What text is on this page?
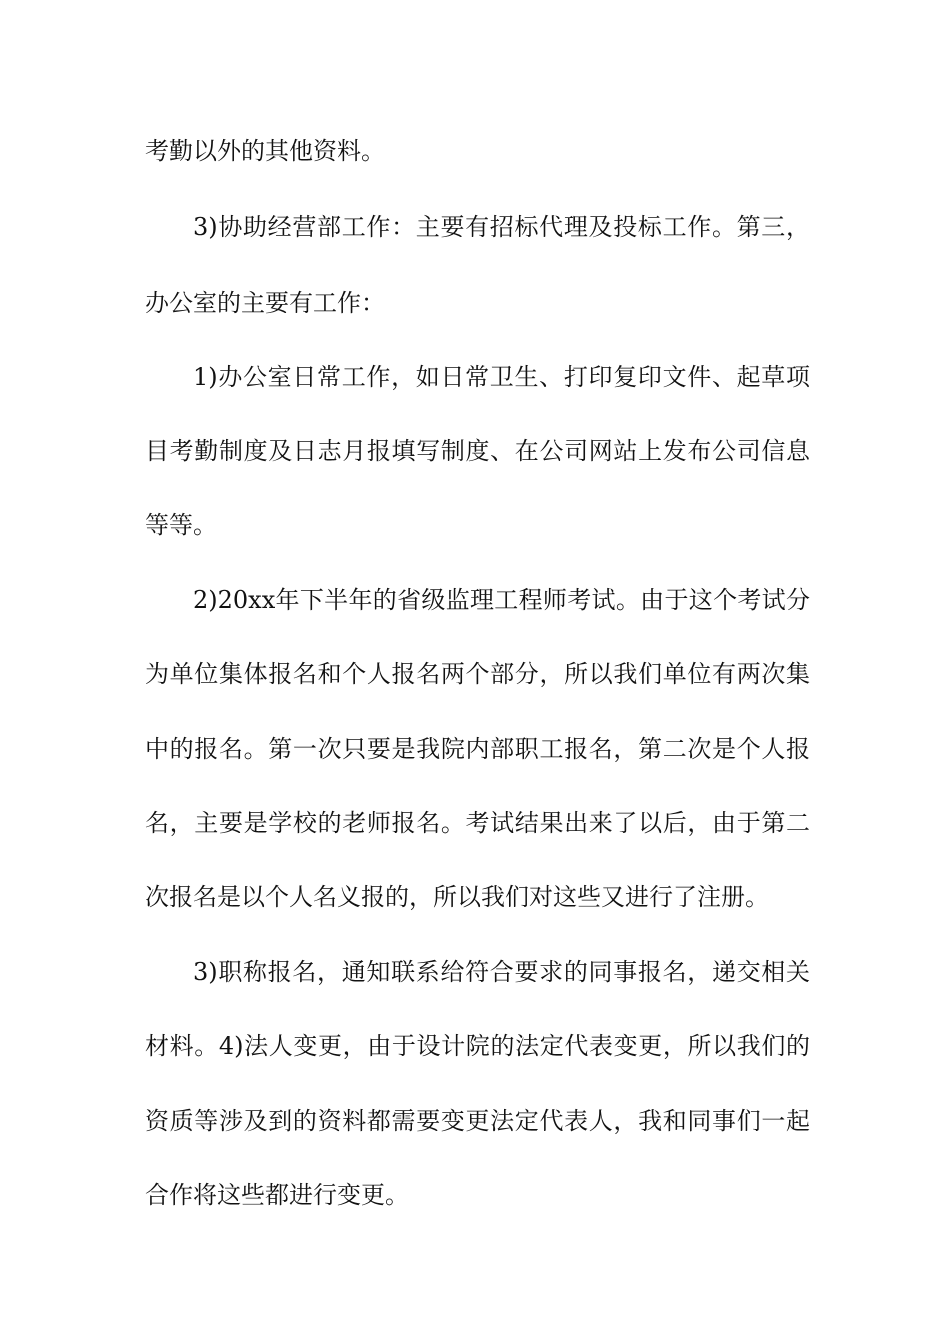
考勤以外的其他资料。
3)协助经营部工作：主要有招标代理及投标工作。第三，
办公室的主要有工作：
1)办公室日常工作，如日常卫生、打印复印文件、起草项
目考勤制度及日志月报填写制度、在公司网站上发布公司信息
等等。
2)20xx年下半年的省级监理工程师考试。由于这个考试分
为单位集体报名和个人报名两个部分，所以我们单位有两次集
中的报名。第一次只要是我院内部职工报名，第二次是个人报
名，主要是学校的老师报名。考试结果出来了以后，由于第二
次报名是以个人名义报的，所以我们对这些又进行了注册。
3)职称报名，通知联系给符合要求的同事报名，递交相关
材料。4)法人变更，由于设计院的法定代表变更，所以我们的
资质等涉及到的资料都需要变更法定代表人，我和同事们一起
合作将这些都进行变更。
